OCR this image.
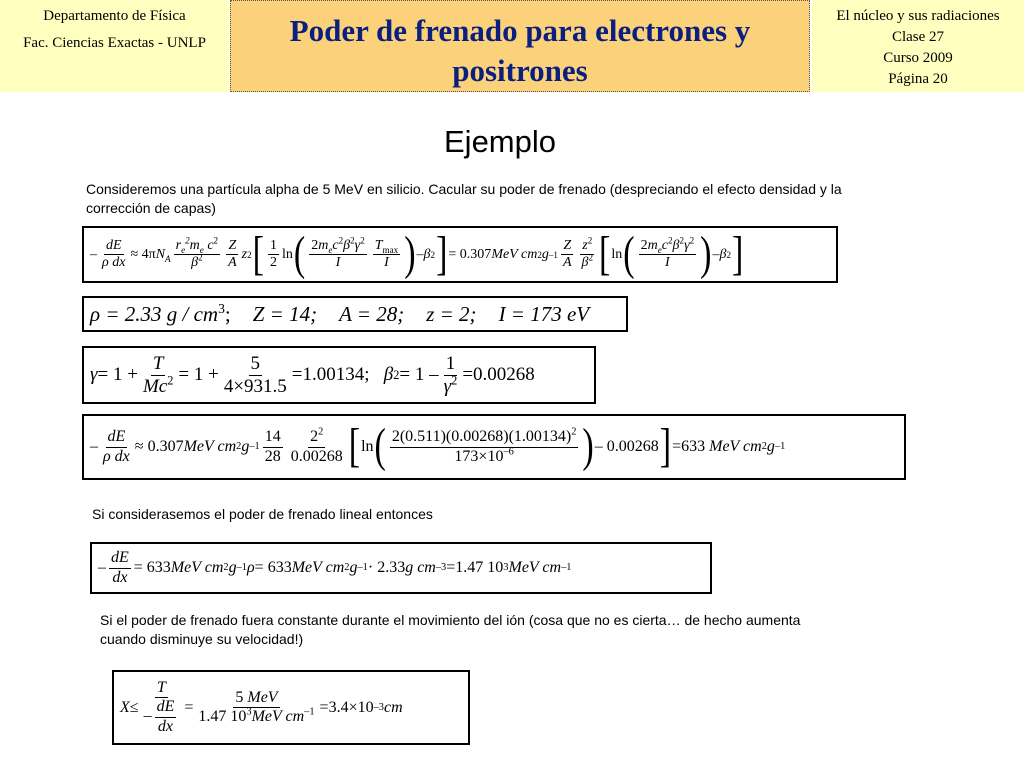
Departamento de Física
Fac. Ciencias Exactas - UNLP	Poder de frenado para electrones y
positrones
El núcleo y sus radiaciones
Clase 27
Curso 2009
Página 20
Ejemplo
Consideremos una partícula alpha de 5 MeV en silicio. Cacular su poder de frenado (despreciando el efecto densidad y la corrección de capas)
– $\frac{dE}{\text{ρ dx}} \approx 4\pi$ $N_A \frac{r_e^2m_e c^2}{\beta^2} \frac{Z}{A}$ z 2 [ $\frac{1}{2}$ ln ( $\frac{2m_ec^2\beta^2\gamma^2}{I} \frac{T_{max}}{I}$ ) – β 2 ] = 0.307 MeV cm 2 g $-1 \frac{Z}{A} \frac{z^2}{\beta^2}$ [ ln ( $\frac{2m_ec^2\beta^2\gamma^2}{I}$ ) – β 2 ]
ρ = 2.33 g / $cm^3$; Z = 14; A = 28; z = 2; I = 173 eV
$\gamma = 1 + \frac{T}{Mc^2} = 1 + \frac{5}{4\times 931.5} = 1.00134$ ; β $2 = 1 - \frac{1}{\gamma^2} = 0.00268$
– $\frac{dE}{\text{ρ dx}} \approx 0.307$ MeV cm 2 g $-1 \frac{14}{28} \frac{2^2}{0.00268}$ [ ln ( $\frac{2(0.511)(0.00268)(1.00134)^2}{173\times 10^{-6}}$ ) – 0.00268 ] = 633
MeV cm 2 g –1
Si considerasemos el poder de frenado lineal entonces
– $\frac{dE}{dx} = 633$ MeV cm 2 g –1 ρ = 633 MeV cm 2 g –1 · 2.33 g cm –3 = 1.47 10 3 MeV cm –1
Si el poder de frenado fuera constante durante el movimiento del ión (cosa que no es cierta… de hecho aumenta cuando disminuye su velocidad!)
$X \le \frac{T}{- \frac{dE}{dx}} = \frac{\text{5 MeV}}{1.47 10^3MeV cm^{-1}} = 3.4\times 10$ –3 cm
